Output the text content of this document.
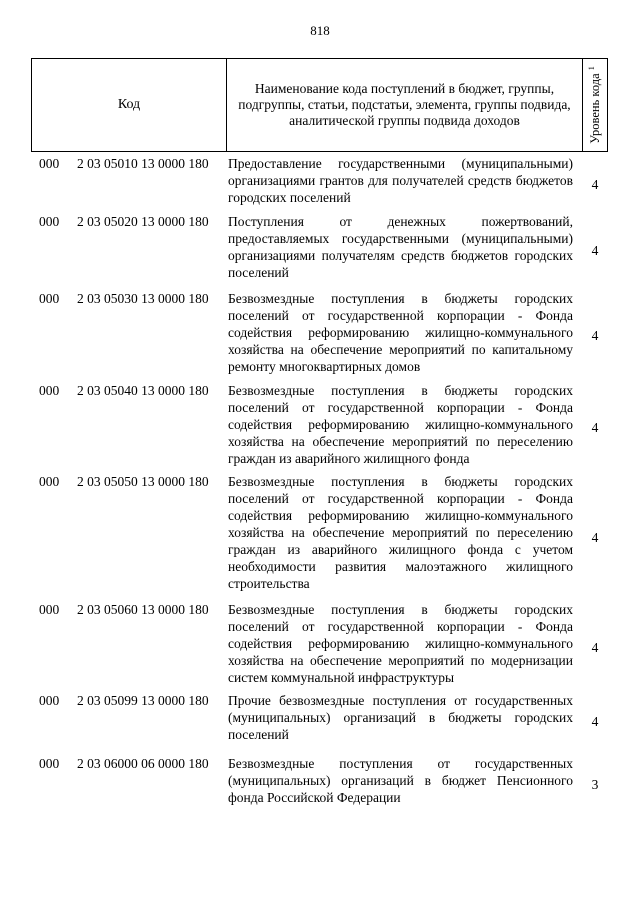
818
Код
Наименование кода поступлений в бюджет, группы, подгруппы, статьи, подстатьи, элемента, группы подвида, аналитической группы подвида доходов	Уровень кода $^1$
000 2 03 05010 13 0000 180 Предоставление государственными (муниципальными) организациями грантов для получателей средств бюджетов городских поселений
4
000 2 03 05020 13 0000 180 Поступления от денежных пожертвований, предоставляемых государственными (муниципальными) организациями получателям средств бюджетов городских поселений
4
000 2 03 05030 13 0000 180 Безвозмездные поступления в бюджеты городских поселений от государственной корпорации - Фонда содействия реформированию жилищно-коммунального хозяйства на обеспечение мероприятий по капитальному ремонту многоквартирных домов
4
000 2 03 05040 13 0000 180 Безвозмездные поступления в бюджеты городских поселений от государственной корпорации - Фонда содействия реформированию жилищно-коммунального хозяйства на обеспечение мероприятий по переселению граждан из аварийного жилищного фонда
4
000 2 03 05050 13 0000 180 Безвозмездные поступления в бюджеты городских поселений от государственной корпорации - Фонда содействия реформированию жилищно-коммунального хозяйства на обеспечение мероприятий по переселению граждан из аварийного жилищного фонда с учетом необходимости развития малоэтажного жилищного строительства
4
000 2 03 05060 13 0000 180 Безвозмездные поступления в бюджеты городских поселений от государственной корпорации - Фонда содействия реформированию жилищно-коммунального хозяйства на обеспечение мероприятий по модернизации систем коммунальной инфраструктуры
4
000 2 03 05099 13 0000 180 Прочие безвозмездные поступления от государственных (муниципальных) организаций в бюджеты городских поселений
4
000 2 03 06000 06 0000 180 Безвозмездные поступления от государственных (муниципальных) организаций в бюджет Пенсионного фонда Российской Федерации
3
